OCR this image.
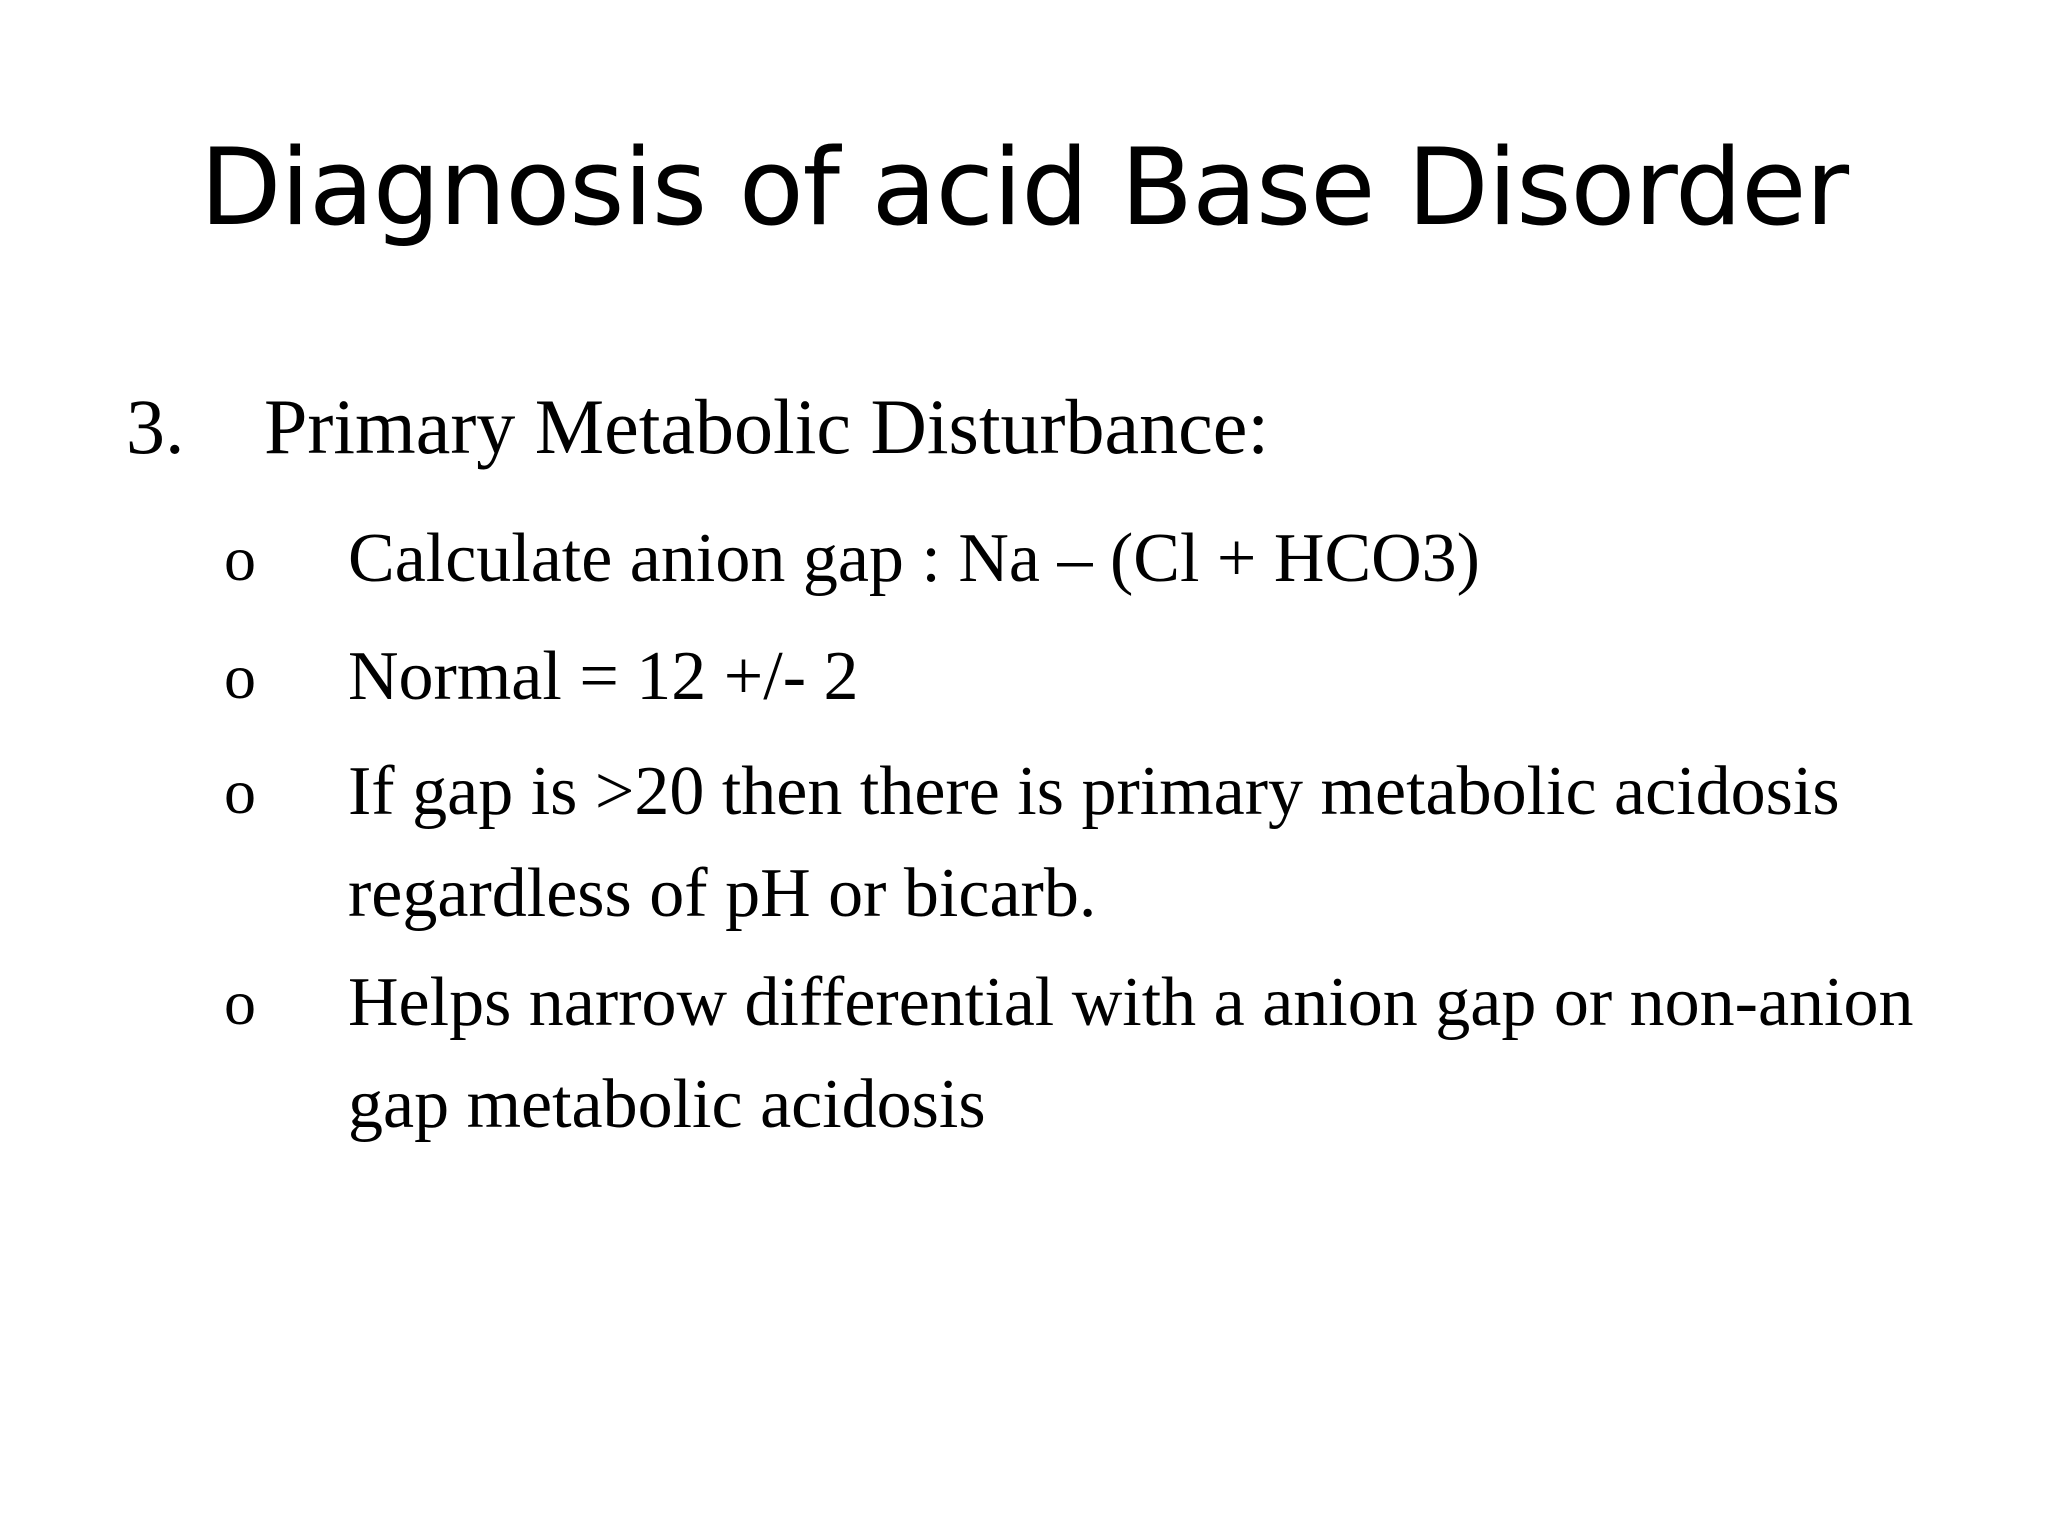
Diagnosis of acid Base Disorder
3. Primary Metabolic Disturbance:
o Calculate anion gap : Na – (Cl + HCO3)
o Normal = 12 +/- 2
o If gap is >20 then there is primary metabolic acidosis regardless of pH or bicarb.
o Helps narrow differential with a anion gap or non-anion gap metabolic acidosis
